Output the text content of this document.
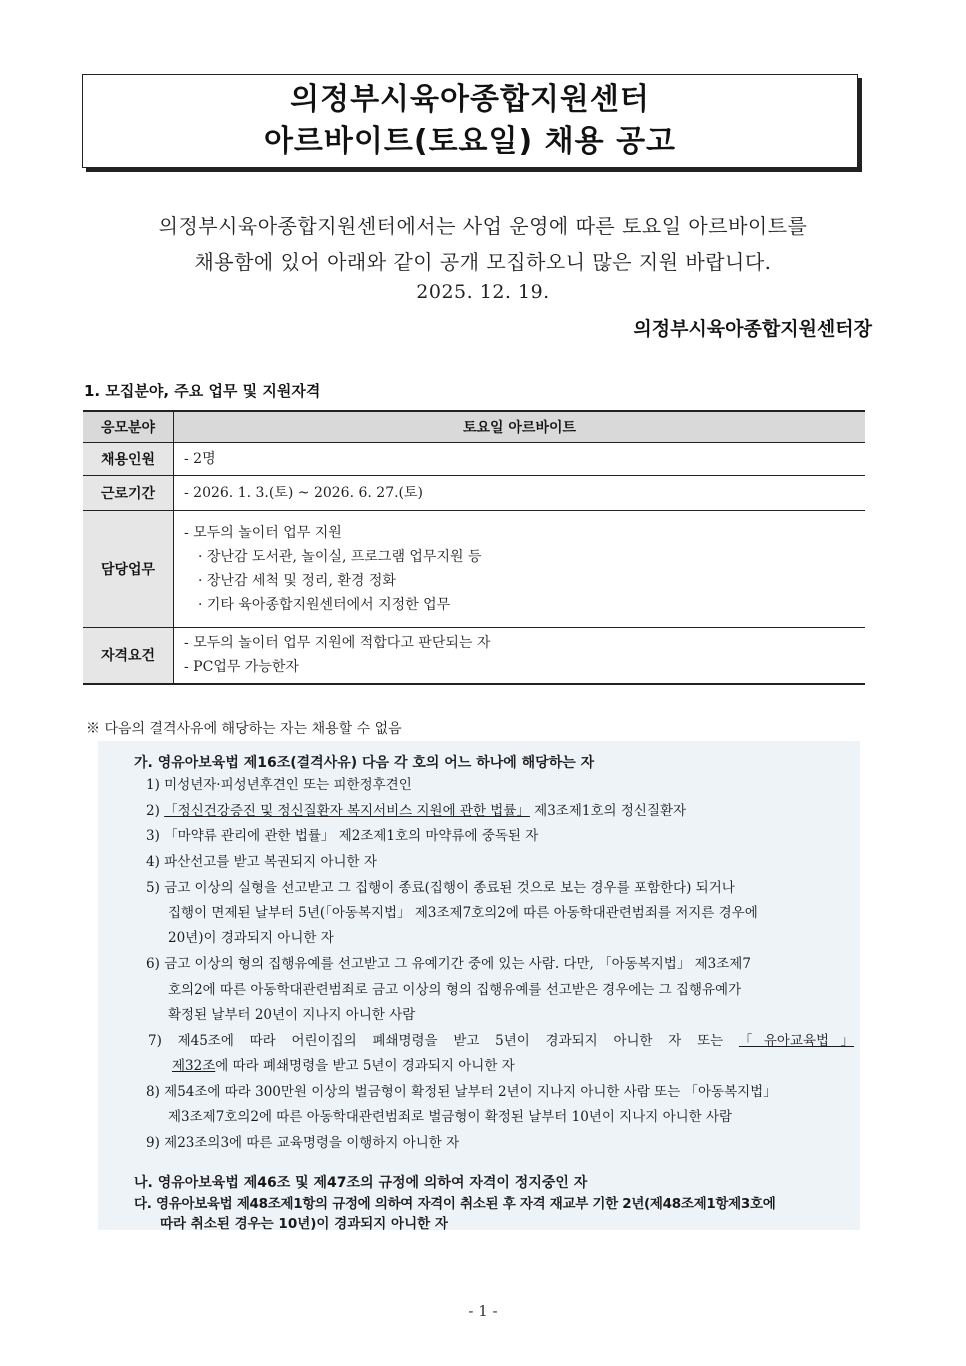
의정부시육아종합지원센터
아르바이트(토요일) 채용 공고
의정부시육아종합지원센터에서는 사업 운영에 따른 토요일 아르바이트를
채용함에 있어 아래와 같이 공개 모집하오니 많은 지원 바랍니다.
2025. 12. 19.
의정부시육아종합지원센터장
1. 모집분야, 주요 업무 및 지원자격
응모분야	토요일 아르바이트
채용인원	- 2명

근로기간	- 2026. 1. 3.(토) ~ 2026. 6. 27.(토)

담당업무	- 모두의 놀이터 업무 지원
· 장난감 도서관, 놀이실, 프로그램 업무지원 등
· 장난감 세척 및 정리, 환경 정화
· 기타 육아종합지원센터에서 지정한 업무

자격요건	- 모두의 놀이터 업무 지원에 적합다고 판단되는 자
- PC업무 가능한자
※ 다음의 결격사유에 해당하는 자는 채용할 수 없음
가. 영유아보육법 제16조(결격사유) 다음 각 호의 어느 하나에 해당하는 자
1) 미성년자·피성년후견인 또는 피한정후견인
2) 「정신건강증진 및 정신질환자 복지서비스 지원에 관한 법률」 제3조제1호의 정신질환자
3) 「마약류 관리에 관한 법률」 제2조제1호의 마약류에 중독된 자
4) 파산선고를 받고 복권되지 아니한 자
5) 금고 이상의 실형을 선고받고 그 집행이 종료(집행이 종료된 것으로 보는 경우를 포함한다) 되거나
집행이 면제된 날부터 5년(「아동복지법」 제3조제7호의2에 따른 아동학대관련범죄를 저지른 경우에
20년)이 경과되지 아니한 자
6) 금고 이상의 형의 집행유예를 선고받고 그 유예기간 중에 있는 사람. 다만, 「아동복지법」 제3조제7
호의2에 따른 아동학대관련범죄로 금고 이상의 형의 집행유예를 선고받은 경우에는 그 집행유예가
확정된 날부터 20년이 지나지 아니한 사람
7) 제45조에 따라 어린이집의 폐쇄명령을 받고 5년이 경과되지 아니한 자 또는 「유아교육법」
제32조에 따라 폐쇄명령을 받고 5년이 경과되지 아니한 자
8) 제54조에 따라 300만원 이상의 벌금형이 확정된 날부터 2년이 지나지 아니한 사람 또는 「아동복지법」
제3조제7호의2에 따른 아동학대관련범죄로 벌금형이 확정된 날부터 10년이 지나지 아니한 사람
9) 제23조의3에 따른 교육명령을 이행하지 아니한 자
나. 영유아보육법 제46조 및 제47조의 규정에 의하여 자격이 정지중인 자
다. 영유아보육법 제48조제1항의 규정에 의하여 자격이 취소된 후 자격 재교부 기한 2년(제48조제1항제3호에
따라 취소된 경우는 10년)이 경과되지 아니한 자
- 1 -
